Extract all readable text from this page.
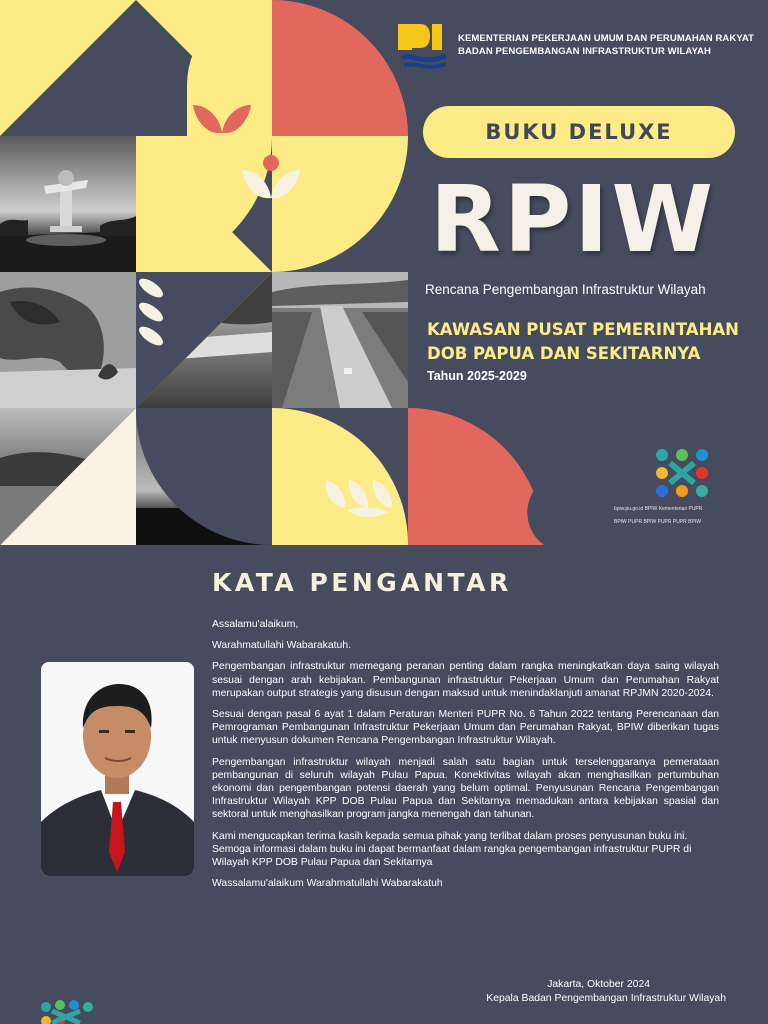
KEMENTERIAN PEKERJAAN UMUM DAN PERUMAHAN RAKYAT
BADAN PENGEMBANGAN INFRASTRUKTUR WILAYAH
BUKU DELUXE
RPIW
Rencana Pengembangan Infrastruktur Wilayah
KAWASAN PUSAT PEMERINTAHAN
DOB PAPUA DAN SEKITARNYA
Tahun 2025-2029
bpiw.pu.go.id BPIW Kementerian PUPR
BPIW PUPR BPIW PUPR PUPR BPIW
KATA PENGANTAR

Assalamu'alaikum,

Warahmatullahi Wabarakatuh.

Pengembangan infrastruktur memegang peranan penting dalam rangka meningkatkan daya saing wilayah sesuai dengan arah kebijakan. Pembangunan infrastruktur Pekerjaan Umum dan Perumahan Rakyat merupakan output strategis yang disusun dengan maksud untuk menindaklanjuti amanat RPJMN 2020-2024.

Sesuai dengan pasal 6 ayat 1 dalam Peraturan Menteri PUPR No. 6 Tahun 2022 tentang Perencanaan dan Pemrograman Pembangunan Infrastruktur Pekerjaan Umum dan Perumahan Rakyat, BPIW diberikan tugas untuk menyusun dokumen Rencana Pengembangan Infrastruktur Wilayah.

Pengembangan infrastruktur wilayah menjadi salah satu bagian untuk terselenggaranya pemerataan pembangunan di seluruh wilayah Pulau Papua. Konektivitas wilayah akan menghasilkan pertumbuhan ekonomi dan pengembangan potensi daerah yang belum optimal. Penyusunan Rencana Pengembangan Infrastruktur Wilayah KPP DOB Pulau Papua dan Sekitarnya memadukan antara kebijakan spasial dan sektoral untuk menghasilkan program jangka menengah dan tahunan.

Kami mengucapkan terima kasih kepada semua pihak yang terlibat dalam proses penyusunan buku ini. Semoga informasi dalam buku ini dapat bermanfaat dalam rangka pengembangan infrastruktur PUPR di Wilayah KPP DOB Pulau Papua dan Sekitarnya

Wassalamu'alaikum Warahmatullahi Wabarakatuh

Jakarta, Oktober 2024
Kepala Badan Pengembangan Infrastruktur Wilayah
